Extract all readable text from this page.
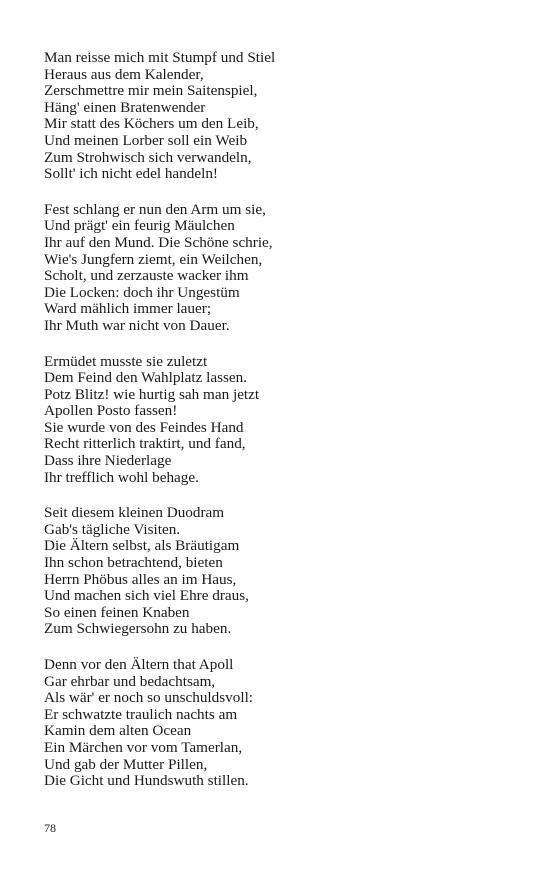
Man reisse mich mit Stumpf und Stiel
Heraus aus dem Kalender,
Zerschmettre mir mein Saitenspiel,
Häng' einen Bratenwender
Mir statt des Köchers um den Leib,
Und meinen Lorber soll ein Weib
Zum Strohwisch sich verwandeln,
Sollt' ich nicht edel handeln!
Fest schlang er nun den Arm um sie,
Und prägt' ein feurig Mäulchen
Ihr auf den Mund. Die Schöne schrie,
Wie's Jungfern ziemt, ein Weilchen,
Scholt, und zerzauste wacker ihm
Die Locken: doch ihr Ungestüm
Ward mählich immer lauer;
Ihr Muth war nicht von Dauer.
Ermüdet musste sie zuletzt
Dem Feind den Wahlplatz lassen.
Potz Blitz! wie hurtig sah man jetzt
Apollen Posto fassen!
Sie wurde von des Feindes Hand
Recht ritterlich traktirt, und fand,
Dass ihre Niederlage
Ihr trefflich wohl behage.
Seit diesem kleinen Duodram
Gab's tägliche Visiten.
Die Ältern selbst, als Bräutigam
Ihn schon betrachtend, bieten
Herrn Phöbus alles an im Haus,
Und machen sich viel Ehre draus,
So einen feinen Knaben
Zum Schwiegersohn zu haben.
Denn vor den Ältern that Apoll
Gar ehrbar und bedachtsam,
Als wär' er noch so unschuldsvoll:
Er schwatzte traulich nachts am
Kamin dem alten Ocean
Ein Märchen vor vom Tamerlan,
Und gab der Mutter Pillen,
Die Gicht und Hundswuth stillen.
78
